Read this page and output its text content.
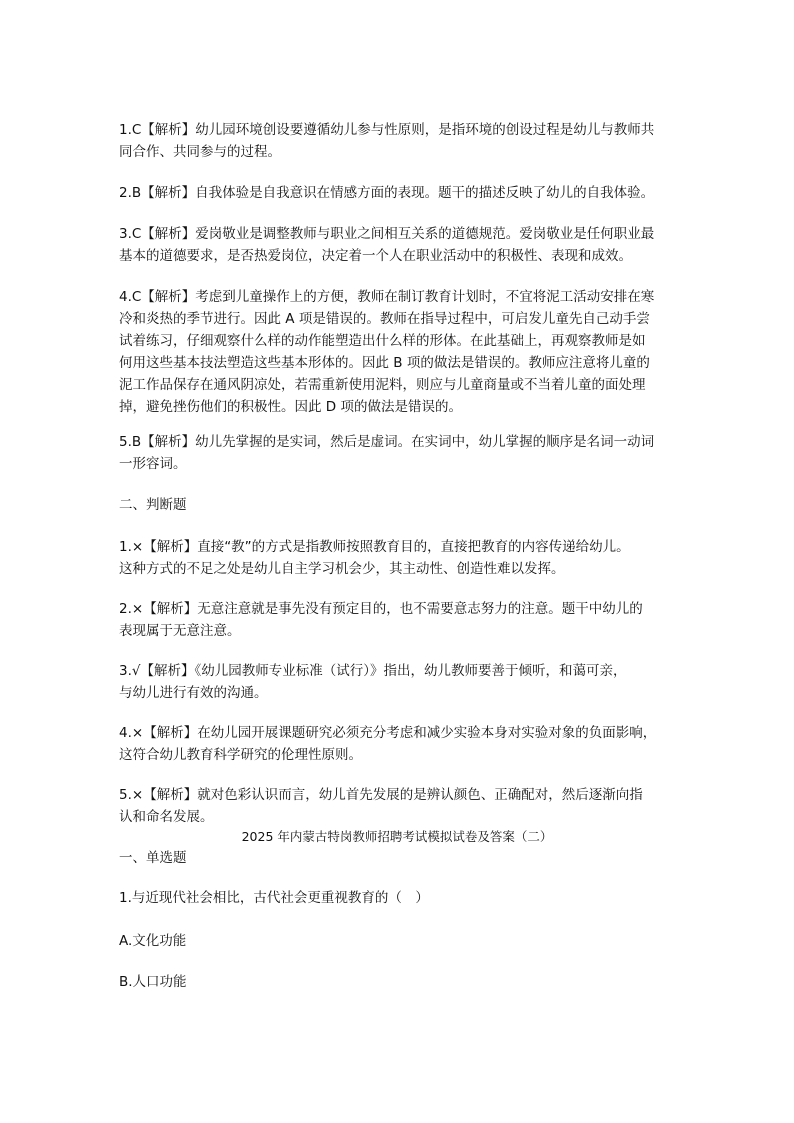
1.C【解析】幼儿园环境创设要遵循幼儿参与性原则，是指环境的创设过程是幼儿与教师共
同合作、共同参与的过程。

2.B【解析】自我体验是自我意识在情感方面的表现。题干的描述反映了幼儿的自我体验。

3.C【解析】爱岗敬业是调整教师与职业之间相互关系的道德规范。爱岗敬业是任何职业最
基本的道德要求，是否热爱岗位，决定着一个人在职业活动中的积极性、表现和成效。

4.C【解析】考虑到儿童操作上的方便，教师在制订教育计划时，不宜将泥工活动安排在寒
冷和炎热的季节进行。因此 A 项是错误的。教师在指导过程中，可启发儿童先自己动手尝
试着练习，仔细观察什么样的动作能塑造出什么样的形体。在此基础上，再观察教师是如
何用这些基本技法塑造这些基本形体的。因此 B 项的做法是错误的。教师应注意将儿童的
泥工作品保存在通风阴凉处，若需重新使用泥料，则应与儿童商量或不当着儿童的面处理
掉，避免挫伤他们的积极性。因此 D 项的做法是错误的。

5.B【解析】幼儿先掌握的是实词，然后是虚词。在实词中，幼儿掌握的顺序是名词一动词
一形容词。

二、判断题

1.×【解析】直接“教”的方式是指教师按照教育目的，直接把教育的内容传递给幼儿。
这种方式的不足之处是幼儿自主学习机会少，其主动性、创造性难以发挥。

2.×【解析】无意注意就是事先没有预定目的，也不需要意志努力的注意。题干中幼儿的
表现属于无意注意。

3.√【解析】《幼儿园教师专业标准（试行）》指出，幼儿教师要善于倾听，和蔼可亲，
与幼儿进行有效的沟通。

4.×【解析】在幼儿园开展课题研究必须充分考虑和减少实验本身对实验对象的负面影响，
这符合幼儿教育科学研究的伦理性原则。

5.×【解析】就对色彩认识而言，幼儿首先发展的是辨认颜色、正确配对，然后逐渐向指
认和命名发展。

2025 年内蒙古特岗教师招聘考试模拟试卷及答案（二）

一、单选题

1.与近现代社会相比，古代社会更重视教育的（　）

A.文化功能

B.人口功能
